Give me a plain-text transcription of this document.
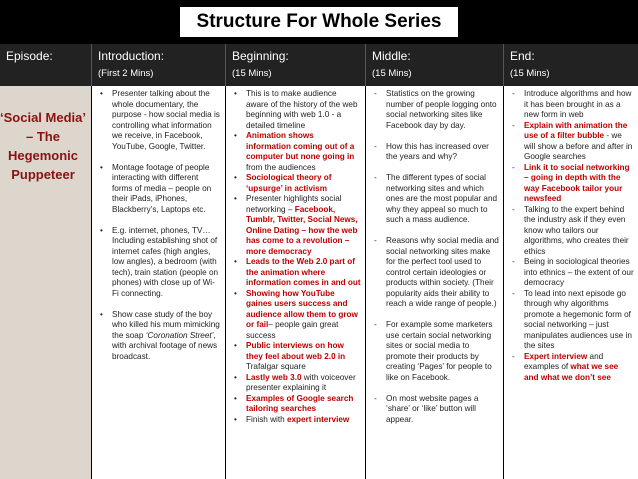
Structure For Whole Series
Episode:	Introduction:
(First 2 Mins)
Beginning:
(15 Mins)
Middle:
(15 Mins)
End:
(15 Mins)
‘Social Media’ – The Hegemonic Puppeteer
• Presenter talking about the whole documentary, the purpose - how social media is controlling what information we receive, in Facebook, YouTube, Google, Twitter.
• Montage footage of people interacting with different forms of media – people on their iPads, iPhones, Blackberry’s, Laptops etc.
• E.g. internet, phones, TV… Including establishing shot of internet cafes (high angles, low angles), a bedroom (with tech), train station (people on phones) with close up of Wi-Fi connecting.
• Show case study of the boy who killed his mum mimicking the soap ‘Coronation Street’, with archival footage of news broadcast.
• This is to make audience aware of the history of the web beginning with web 1.0 - a detailed timeline
• Animation shows information coming out of a computer but none going in from the audiences
• Sociological theory of ‘upsurge’ in activism
• Presenter highlights social networking – Facebook, Tumblr, Twitter, Social News, Online Dating – how the web has come to a revolution – more democracy
• Leads to the Web 2.0 part of the animation where information comes in and out
• Showing how YouTube gaines users success and audience allow them to grow or fail– people gain great success
• Public interviews on how they feel about web 2.0 in Trafalgar square
• Lastly web 3.0 with voiceover presenter explaining it
• Examples of Google search tailoring searches
• Finish with expert interview
- Statistics on the growing number of people logging onto social networking sites like Facebook day by day.
- How this has increased over the years and why?
- The different types of social networking sites and which ones are the most popular and why they appeal so much to such a mass audience.
- Reasons why social media and social networking sites make for the perfect tool used to control certain ideologies or products within society. (Their popularity aids their ability to reach a wide range of people.)
- For example some marketers use certain social networking sites or social media to promote their products by creating ‘Pages’ for people to like on Facebook.
- On most website pages a ‘share’ or ‘like’ button will appear.
- Introduce algorithms and how it has been brought in as a new form in web
- Explain with animation the use of a filter bubble - we will show a before and after in Google searches
- Link it to social networking – going in depth with the way Facebook tailor your newsfeed
- Talking to the expert behind the industry ask if they even know who tailors our algorithms, who creates their ethics
- Being in sociological theories into ethnics – the extent of our democracy
- To lead into next episode go through why algorithms promote a hegemonic form of social networking – just manipulates audiences use in the sites
- Expert interview and examples of what we see and what we don’t see
